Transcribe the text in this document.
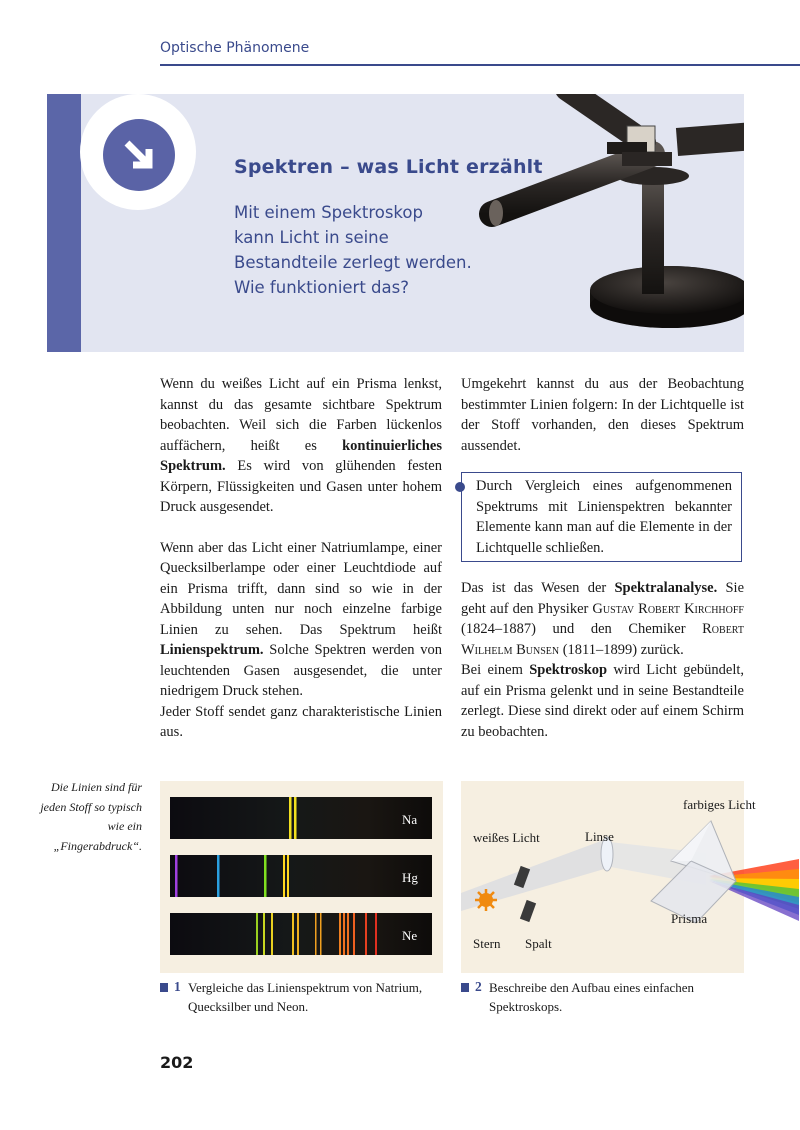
Optische Phänomene
Spektren – was Licht erzählt
Mit einem Spektroskop
kann Licht in seine
Bestandteile zerlegt werden.
Wie funktioniert das?

Wenn du weißes Licht auf ein Prisma lenkst, kannst du das gesamte sichtbare Spektrum beobachten. Weil sich die Farben lückenlos auffächern, heißt es kontinuierliches Spektrum. Es wird von glühenden festen Körpern, Flüssigkeiten und Gasen unter hohem Druck ausgesendet.

Wenn aber das Licht einer Natriumlampe, einer Quecksilberlampe oder einer Leuchtdiode auf ein Prisma trifft, dann sind so wie in der Abbildung unten nur noch einzelne farbige Linien zu sehen. Das Spektrum heißt Linienspektrum. Solche Spektren werden von leuchtenden Gasen ausgesendet, die unter niedrigem Druck stehen.

Jeder Stoff sendet ganz charakteristische Linien aus.

Umgekehrt kannst du aus der Beobachtung bestimmter Linien folgern: In der Lichtquelle ist der Stoff vorhanden, den dieses Spektrum aussendet.

Durch Vergleich eines aufgenommenen Spektrums mit Linienspektren bekannter Elemente kann man auf die Elemente in der Lichtquelle schließen.

Das ist das Wesen der Spektralanalyse. Sie geht auf den Physiker Gustav Robert Kirchhoff (1824–1887) und den Chemiker Robert Wilhelm Bunsen (1811–1899) zurück.

Bei einem Spektroskop wird Licht gebündelt, auf ein Prisma gelenkt und in seine Bestandteile zerlegt. Diese sind direkt oder auf einem Schirm zu beobachten.

Die Linien sind für jeden Stoff so typisch wie ein „Fingerabdruck“.
Na
Hg
Ne
weißes Licht	Linse
farbiges Licht
Prisma
Stern Spalt
1 Vergleiche das Linienspektrum von Natrium, Quecksilber und Neon.
2 Beschreibe den Aufbau eines einfachen Spektroskops.
202
